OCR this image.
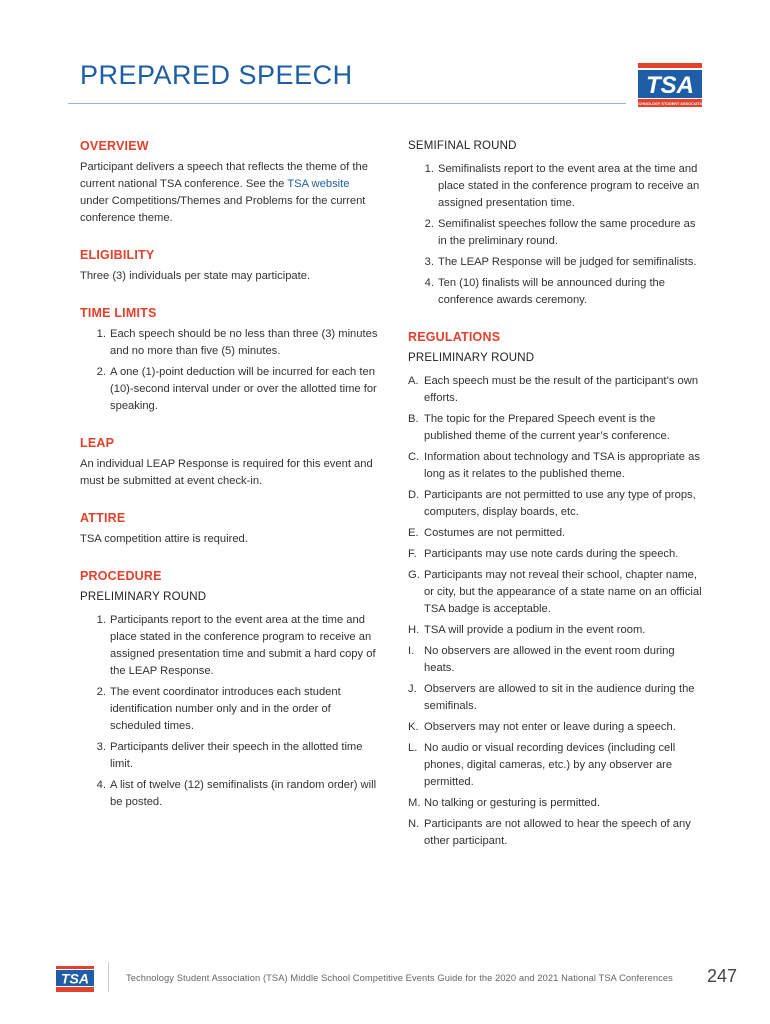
PREPARED SPEECH	TSA
TECHNOLOGY STUDENT ASSOCIATION
OVERVIEW

Participant delivers a speech that reflects the theme of the current national TSA conference. See the TSA website under Competitions/Themes and Problems for the current conference theme.

ELIGIBILITY

Three (3) individuals per state may participate.

TIME LIMITS
1. Each speech should be no less than three (3) minutes and no more than five (5) minutes.
2. A one (1)-point deduction will be incurred for each ten (10)-second interval under or over the allotted time for speaking.
LEAP

An individual LEAP Response is required for this event and must be submitted at event check-in.

ATTIRE

TSA competition attire is required.

PROCEDURE
PRELIMINARY ROUND
1. Participants report to the event area at the time and place stated in the conference program to receive an assigned presentation time and submit a hard copy of the LEAP Response.
2. The event coordinator introduces each student identification number only and in the order of scheduled times.
3. Participants deliver their speech in the allotted time limit.
4. A list of twelve (12) semifinalists (in random order) will be posted.
SEMIFINAL ROUND
1. Semifinalists report to the event area at the time and place stated in the conference program to receive an assigned presentation time.
2. Semifinalist speeches follow the same procedure as in the preliminary round.
3. The LEAP Response will be judged for semifinalists.
4. Ten (10) finalists will be announced during the conference awards ceremony.
REGULATIONS
PRELIMINARY ROUND
A. Each speech must be the result of the participant’s own efforts.
B. The topic for the Prepared Speech event is the published theme of the current year’s conference.
C. Information about technology and TSA is appropriate as long as it relates to the published theme.
D. Participants are not permitted to use any type of props, computers, display boards, etc.
E. Costumes are not permitted.
F. Participants may use note cards during the speech.
G. Participants may not reveal their school, chapter name, or city, but the appearance of a state name on an official TSA badge is acceptable.
H. TSA will provide a podium in the event room.
I. No observers are allowed in the event room during heats.
J. Observers are allowed to sit in the audience during the semifinals.
K. Observers may not enter or leave during a speech.
L. No audio or visual recording devices (including cell phones, digital cameras, etc.) by any observer are permitted.
M. No talking or gesturing is permitted.
N. Participants are not allowed to hear the speech of any other participant.
TSA	Technology Student Association (TSA) Middle School Competitive Events Guide for the 2020 and 2021 National TSA Conferences 247
